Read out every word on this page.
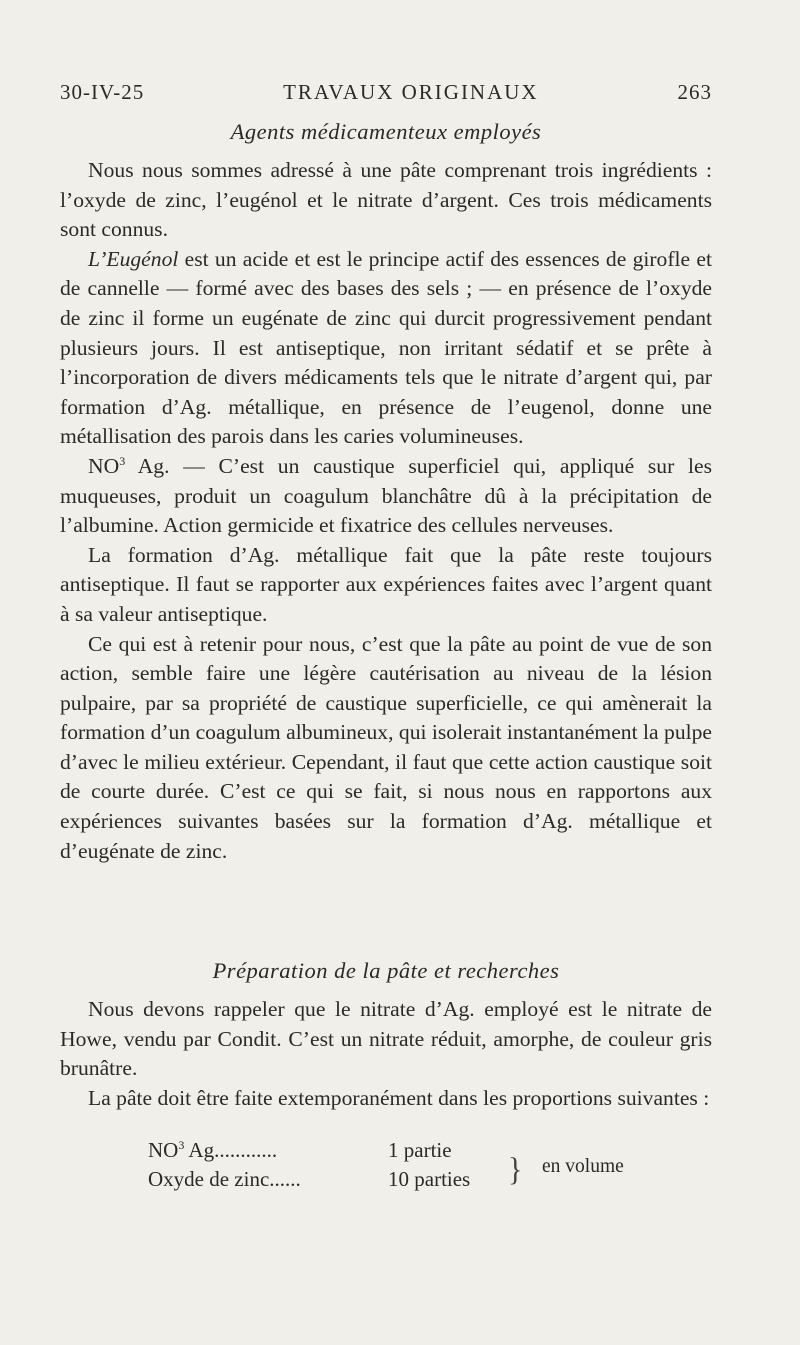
30-IV-25	TRAVAUX ORIGINAUX	263
Agents médicamenteux employés

Nous nous sommes adressé à une pâte comprenant trois ingrédients : l’oxyde de zinc, l’eugénol et le nitrate d’argent. Ces trois médicaments sont connus.

L’Eugénol est un acide et est le principe actif des essences de girofle et de cannelle — formé avec des bases des sels ; — en présence de l’oxyde de zinc il forme un eugénate de zinc qui durcit progressivement pendant plusieurs jours. Il est antiseptique, non irritant sédatif et se prête à l’incorporation de divers médicaments tels que le nitrate d’argent qui, par formation d’Ag. métallique, en présence de l’eugenol, donne une métallisation des parois dans les caries volumineuses.

$NO^3$ Ag. — C’est un caustique superficiel qui, appliqué sur les muqueuses, produit un coagulum blanchâtre dû à la précipitation de l’albumine. Action germicide et fixatrice des cellules nerveuses.

La formation d’Ag. métallique fait que la pâte reste toujours antiseptique. Il faut se rapporter aux expériences faites avec l’argent quant à sa valeur antiseptique.

Ce qui est à retenir pour nous, c’est que la pâte au point de vue de son action, semble faire une légère cautérisation au niveau de la lésion pulpaire, par sa propriété de caustique superficielle, ce qui amènerait la formation d’un coagulum albumineux, qui isolerait instantanément la pulpe d’avec le milieu extérieur. Cependant, il faut que cette action caustique soit de courte durée. C’est ce qui se fait, si nous nous en rapportons aux expériences suivantes basées sur la formation d’Ag. métallique et d’eugénate de zinc.

Préparation de la pâte et recherches

Nous devons rappeler que le nitrate d’Ag. employé est le nitrate de Howe, vendu par Condit. C’est un nitrate réduit, amorphe, de couleur gris brunâtre.

La pâte doit être faite extemporanément dans les proportions suivantes :

$NO^3$ Ag............	1 partie
Oxyde de zinc......	10 parties	} en volume
